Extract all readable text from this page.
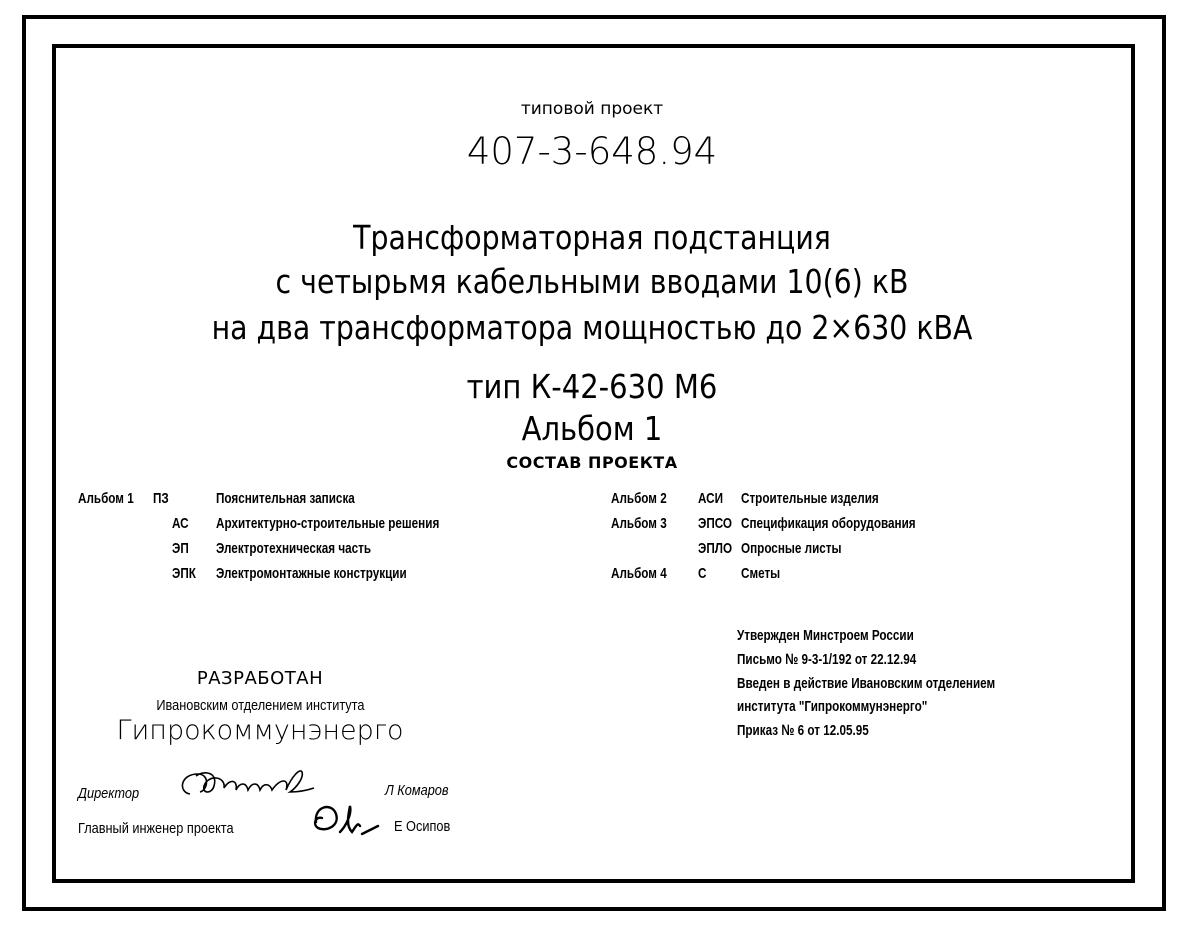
типовой проект
407-3-648.94
Трансформаторная подстанция
с четырьмя кабельными вводами 10(6) кВ
на два трансформатора мощностью до 2×630 кВА
тип К-42-630 М6
Альбом 1
СОСТАВ ПРОЕКТА
Альбом 1 ПЗ	Пояснительная записка
АС Архитектурно-строительные решения
ЭП Электротехническая часть
ЭПК Электромонтажные конструкции
Альбом 2 АСИ Строительные изделия
Альбом 3 ЭПСО Спецификация оборудования
ЭПЛО Опросные листы
Альбом 4 С Сметы
РАЗРАБОТАН
Ивановским отделением института
Гипрокоммунэнерго
Утвержден Минстроем России
Письмо № 9-3-1/192 от 22.12.94
Введен в действие Ивановским отделением
института "Гипрокоммунэнерго"
Приказ № 6 от 12.05.95
Директор	Л Комаров
Главный инженер проекта	Е Осипов
